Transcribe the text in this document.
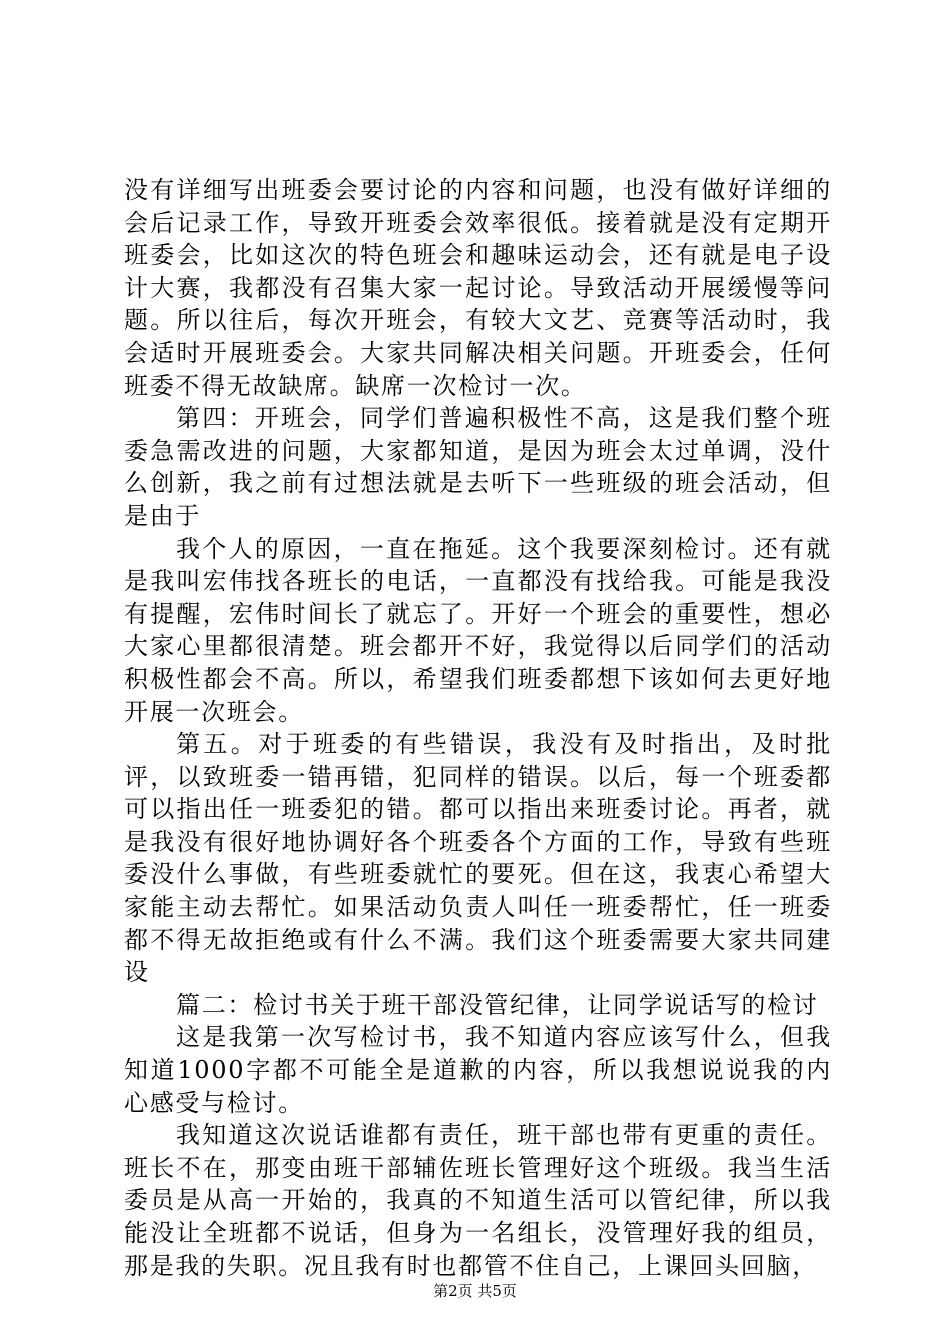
没有详细写出班委会要讨论的内容和问题，也没有做好详细的会后记录工作，导致开班委会效率很低。接着就是没有定期开班委会，比如这次的特色班会和趣味运动会，还有就是电子设计大赛，我都没有召集大家一起讨论。导致活动开展缓慢等问题。所以往后，每次开班会，有较大文艺、竞赛等活动时，我会适时开展班委会。大家共同解决相关问题。开班委会，任何班委不得无故缺席。缺席一次检讨一次。

第四：开班会，同学们普遍积极性不高，这是我们整个班委急需改进的问题，大家都知道，是因为班会太过单调，没什么创新，我之前有过想法就是去听下一些班级的班会活动，但是由于

我个人的原因，一直在拖延。这个我要深刻检讨。还有就是我叫宏伟找各班长的电话，一直都没有找给我。可能是我没有提醒，宏伟时间长了就忘了。开好一个班会的重要性，想必大家心里都很清楚。班会都开不好，我觉得以后同学们的活动积极性都会不高。所以，希望我们班委都想下该如何去更好地开展一次班会。

第五。对于班委的有些错误，我没有及时指出，及时批评，以致班委一错再错，犯同样的错误。以后，每一个班委都可以指出任一班委犯的错。都可以指出来班委讨论。再者，就是我没有很好地协调好各个班委各个方面的工作，导致有些班委没什么事做，有些班委就忙的要死。但在这，我衷心希望大家能主动去帮忙。如果活动负责人叫任一班委帮忙，任一班委都不得无故拒绝或有什么不满。我们这个班委需要大家共同建设

篇二：检讨书关于班干部没管纪律，让同学说话写的检讨

这是我第一次写检讨书，我不知道内容应该写什么，但我知道1000字都不可能全是道歉的内容，所以我想说说我的内心感受与检讨。

我知道这次说话谁都有责任，班干部也带有更重的责任。班长不在，那变由班干部辅佐班长管理好这个班级。我当生活委员是从高一开始的，我真的不知道生活可以管纪律，所以我能没让全班都不说话，但身为一名组长，没管理好我的组员，那是我的失职。况且我有时也都管不住自己，上课回头回脑，

第2页 共5页
